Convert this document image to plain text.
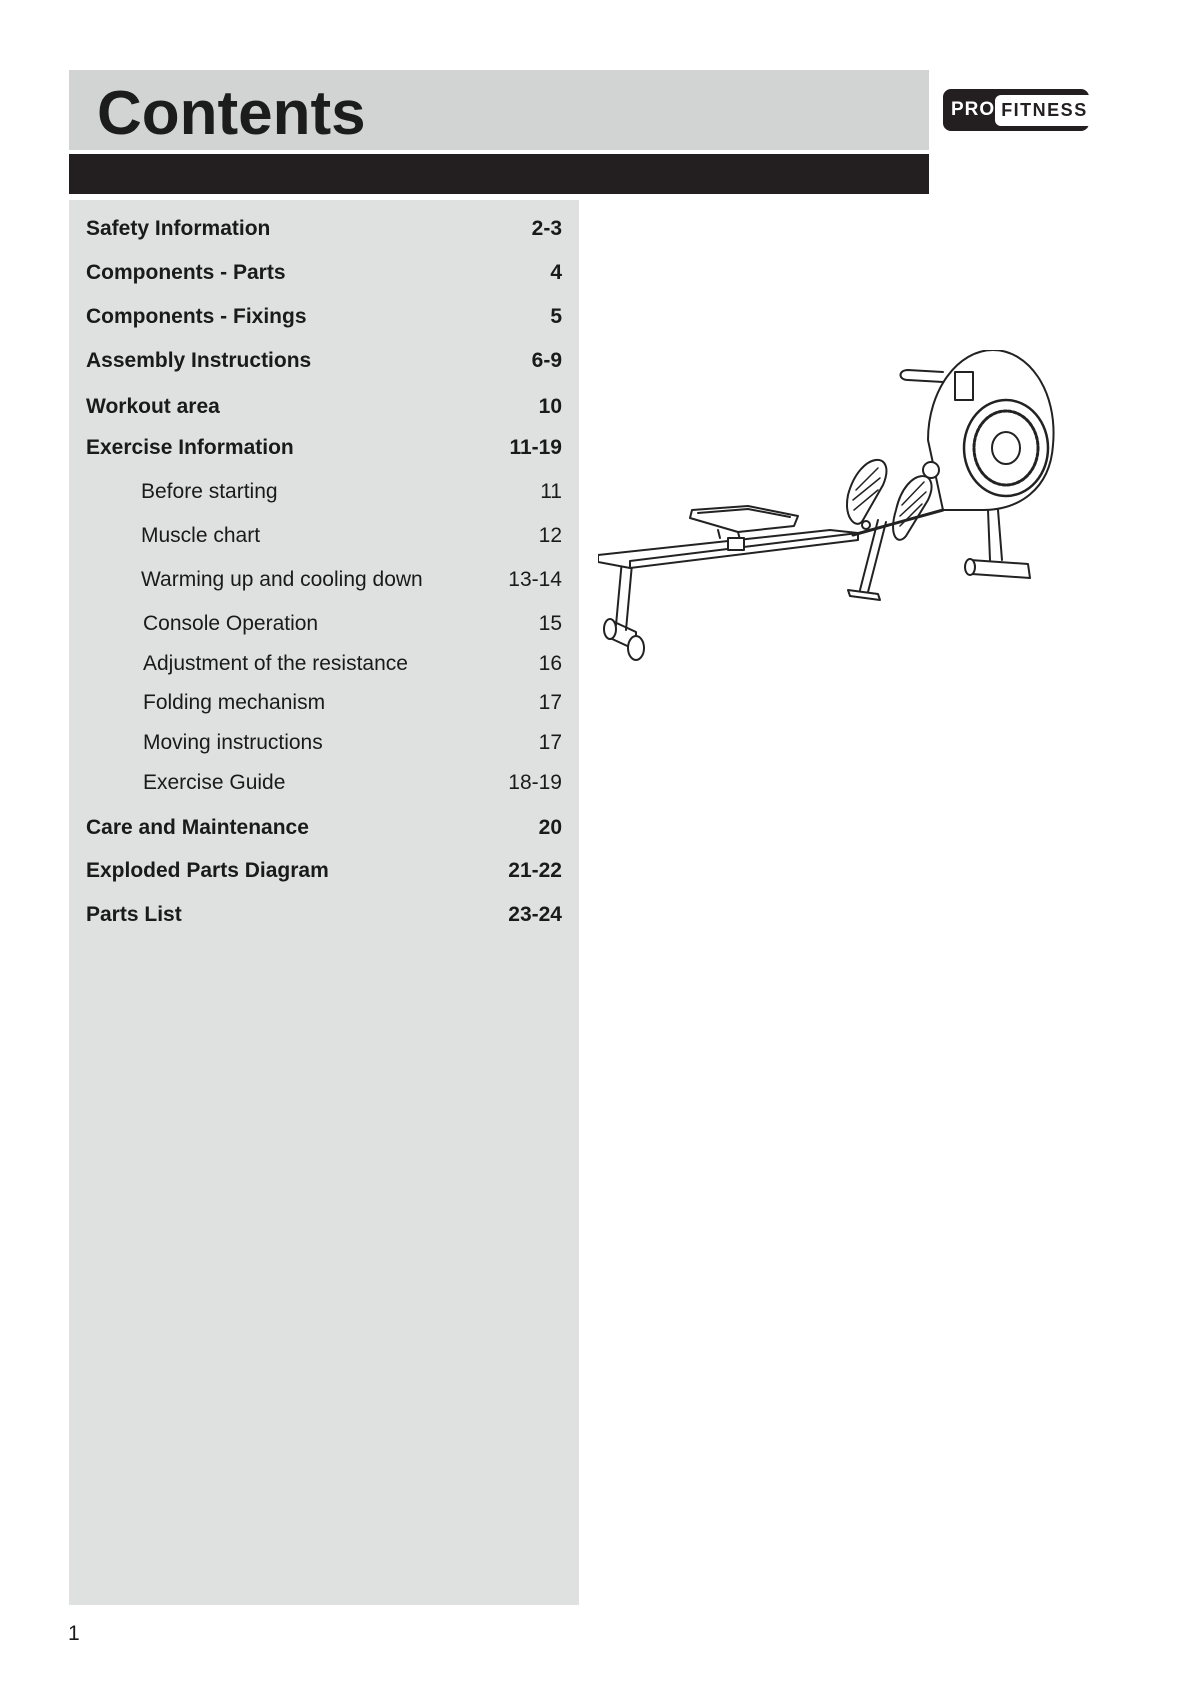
Contents	PRO FITNESS
Safety Information	2-3
Components - Parts	4
Components - Fixings	5
Assembly Instructions	6-9
Workout area	10
Exercise Information	11-19
Before starting	11
Muscle chart	12
Warming up and cooling down	13-14
Console Operation	15
Adjustment of the resistance	16
Folding mechanism	17
Moving instructions	17
Exercise Guide	18-19
Care and Maintenance	20
Exploded Parts Diagram	21-22
Parts List	23-24
1
